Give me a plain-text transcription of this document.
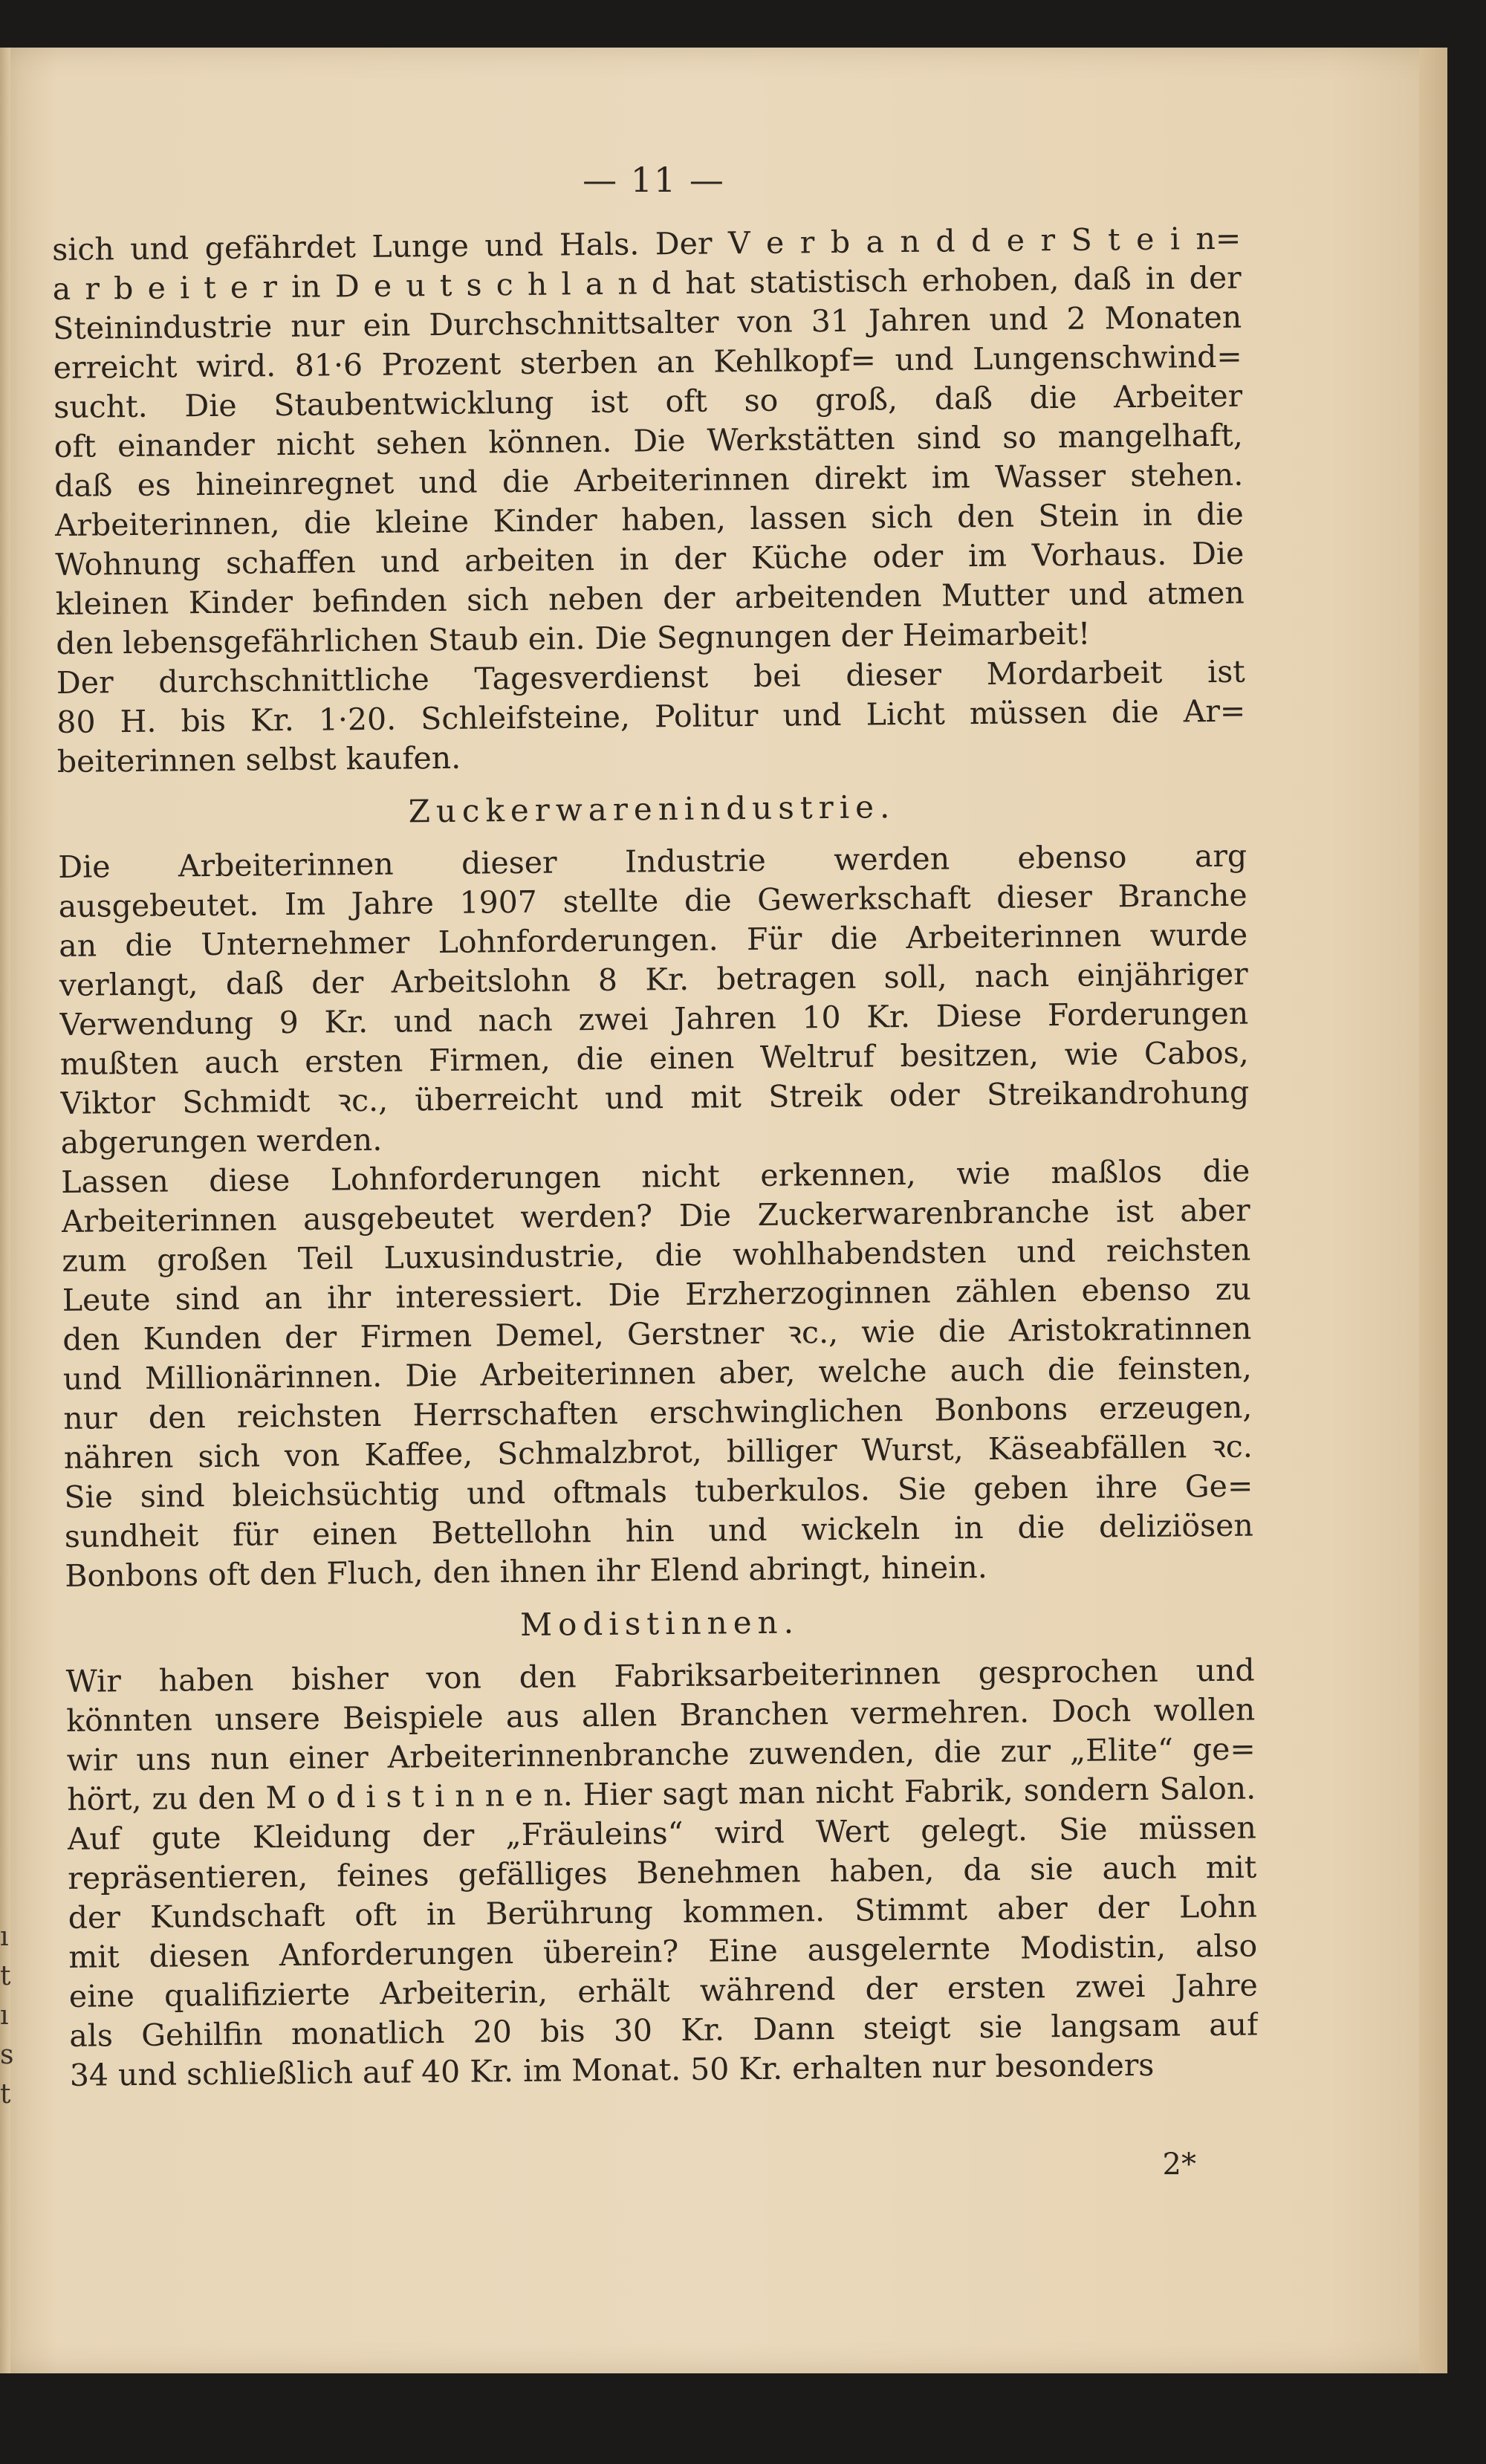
— 11 —
sich und gefährdet Lunge und Hals. Der V e r b a n d d e r S t e i n=
a r b e i t e r in D e u t s c h l a n d hat statistisch erhoben, daß in der
Steinindustrie nur ein Durchschnittsalter von 31 Jahren und 2 Monaten
erreicht wird. 81·6 Prozent sterben an Kehlkopf= und Lungenschwind=
sucht. Die Staubentwicklung ist oft so groß, daß die Arbeiter
oft einander nicht sehen können. Die Werkstätten sind so mangelhaft,
daß es hineinregnet und die Arbeiterinnen direkt im Wasser stehen.
Arbeiterinnen, die kleine Kinder haben, lassen sich den Stein in die
Wohnung schaffen und arbeiten in der Küche oder im Vorhaus. Die
kleinen Kinder befinden sich neben der arbeitenden Mutter und atmen
den lebensgefährlichen Staub ein. Die Segnungen der Heimarbeit!
Der durchschnittliche Tagesverdienst bei dieser Mordarbeit ist
80 H. bis Kr. 1·20. Schleifsteine, Politur und Licht müssen die Ar=
beiterinnen selbst kaufen.
Zuckerwarenindustrie.
Die Arbeiterinnen dieser Industrie werden ebenso arg
ausgebeutet. Im Jahre 1907 stellte die Gewerkschaft dieser Branche
an die Unternehmer Lohnforderungen. Für die Arbeiterinnen wurde
verlangt, daß der Arbeitslohn 8 Kr. betragen soll, nach einjähriger
Verwendung 9 Kr. und nach zwei Jahren 10 Kr. Diese Forderungen
mußten auch ersten Firmen, die einen Weltruf besitzen, wie Cabos,
Viktor Schmidt ꝛc., überreicht und mit Streik oder Streikandrohung
abgerungen werden.
Lassen diese Lohnforderungen nicht erkennen, wie maßlos die
Arbeiterinnen ausgebeutet werden? Die Zuckerwarenbranche ist aber
zum großen Teil Luxusindustrie, die wohlhabendsten und reichsten
Leute sind an ihr interessiert. Die Erzherzoginnen zählen ebenso zu
den Kunden der Firmen Demel, Gerstner ꝛc., wie die Aristokratinnen
und Millionärinnen. Die Arbeiterinnen aber, welche auch die feinsten,
nur den reichsten Herrschaften erschwinglichen Bonbons erzeugen,
nähren sich von Kaffee, Schmalzbrot, billiger Wurst, Käseabfällen ꝛc.
Sie sind bleichsüchtig und oftmals tuberkulos. Sie geben ihre Ge=
sundheit für einen Bettellohn hin und wickeln in die deliziösen
Bonbons oft den Fluch, den ihnen ihr Elend abringt, hinein.
Modistinnen.
Wir haben bisher von den Fabriksarbeiterinnen gesprochen und
könnten unsere Beispiele aus allen Branchen vermehren. Doch wollen
wir uns nun einer Arbeiterinnenbranche zuwenden, die zur „Elite“ ge=
hört, zu den M o d i s t i n n e n. Hier sagt man nicht Fabrik, sondern Salon.
Auf gute Kleidung der „Fräuleins“ wird Wert gelegt. Sie müssen
repräsentieren, feines gefälliges Benehmen haben, da sie auch mit
der Kundschaft oft in Berührung kommen. Stimmt aber der Lohn
mit diesen Anforderungen überein? Eine ausgelernte Modistin, also
eine qualifizierte Arbeiterin, erhält während der ersten zwei Jahre
als Gehilfin monatlich 20 bis 30 Kr. Dann steigt sie langsam auf
34 und schließlich auf 40 Kr. im Monat. 50 Kr. erhalten nur besonders
2*
ı
t
ı
s
t
